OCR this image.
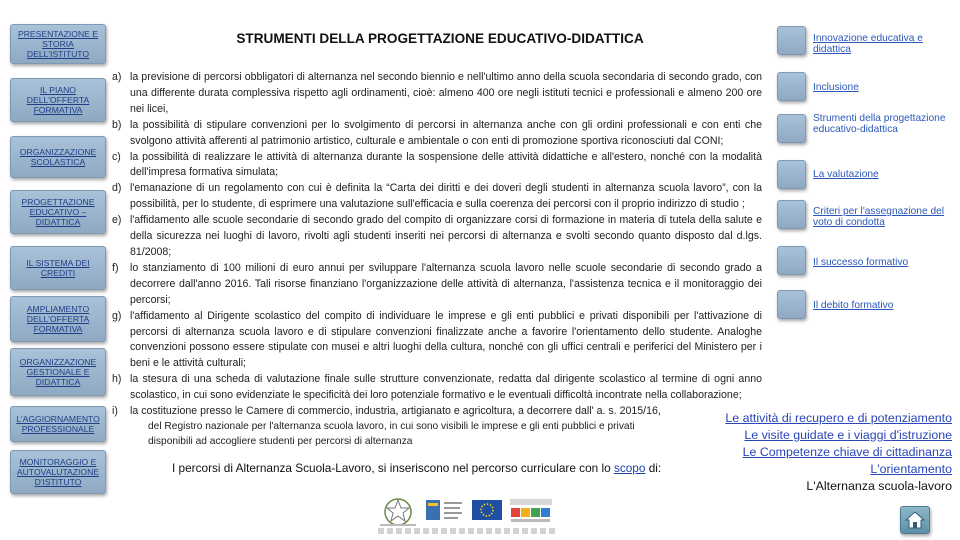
PRESENTAZIONE E STORIA DELL'ISTITUTO
IL PIANO DELL'OFFERTA FORMATIVA
ORGANIZZAZIONE SCOLASTICA
PROGETTAZIONE EDUCATIVO – DIDATTICA
IL SISTEMA DEI CREDITI
AMPLIAMENTO DELL'OFFERTA FORMATIVA
ORGANIZZAZIONE GESTIONALE E DIDATTICA
L'AGGIORNAMENTO PROFESSIONALE
MONITORAGGIO E AUTOVALUTAZIONE D'ISTITUTO
STRUMENTI DELLA PROGETTAZIONE EDUCATIVO-DIDATTICA
a) la previsione di percorsi obbligatori di alternanza nel secondo biennio e nell'ultimo anno della scuola secondaria di secondo grado, con una differente durata complessiva rispetto agli ordinamenti, cioè: almeno 400 ore negli istituti tecnici e professionali e almeno 200 ore nei licei,
b) la possibilità di stipulare convenzioni per lo svolgimento di percorsi in alternanza anche con gli ordini professionali e con enti che svolgono attività afferenti al patrimonio artistico, culturale e ambientale o con enti di promozione sportiva riconosciuti dal CONI;
c) la possibilità di realizzare le attività di alternanza durante la sospensione delle attività didattiche e all'estero, nonché con la modalità dell'impresa formativa simulata;
d) l'emanazione di un regolamento con cui è definita la “Carta dei diritti e dei doveri degli studenti in alternanza scuola lavoro”, con la possibilità, per lo studente, di esprimere una valutazione sull'efficacia e sulla coerenza dei percorsi con il proprio indirizzo di studio ;
e) l'affidamento alle scuole secondarie di secondo grado del compito di organizzare corsi di formazione in materia di tutela della salute e della sicurezza nei luoghi di lavoro, rivolti agli studenti inseriti nei percorsi di alternanza e svolti secondo quanto disposto dal d.lgs. 81/2008;
f) lo stanziamento di 100 milioni di euro annui per sviluppare l'alternanza scuola lavoro nelle scuole secondarie di secondo grado a decorrere dall'anno 2016. Tali risorse finanziano l'organizzazione delle attività di alternanza, l'assistenza tecnica e il monitoraggio dei percorsi;
g) l'affidamento al Dirigente scolastico del compito di individuare le imprese e gli enti pubblici e privati disponibili per l'attivazione di percorsi di alternanza scuola lavoro e di stipulare convenzioni finalizzate anche a favorire l'orientamento dello studente. Analoghe convenzioni possono essere stipulate con musei e altri luoghi della cultura, nonché con gli uffici centrali e periferici del Ministero per i beni e le attività culturali;
h) la stesura di una scheda di valutazione finale sulle strutture convenzionate, redatta dal dirigente scolastico al termine di ogni anno scolastico, in cui sono evidenziate le specificità dei loro potenziale formativo e le eventuali difficoltà incontrate nella collaborazione;
i) la costituzione presso le Camere di commercio, industria, artigianato e agricoltura, a decorrere dall' a. s. 2015/16,
del Registro nazionale per l'alternanza scuola lavoro, in cui sono visibili le imprese e gli enti pubblici e privati
disponibili ad accogliere studenti per percorsi di alternanza
I percorsi di Alternanza Scuola-Lavoro, si inseriscono nel percorso curriculare con lo scopo di:
Innovazione educativa e didattica
Inclusione
Strumenti della progettazione educativo-didattica
La valutazione
Criteri per l'assegnazione del voto di condotta
Il successo formativo
Il debito formativo
Le attività di recupero e di potenziamento
Le visite guidate e i viaggi d'istruzione
Le Competenze chiave di cittadinanza
L'orientamento
L'Alternanza scuola-lavoro
